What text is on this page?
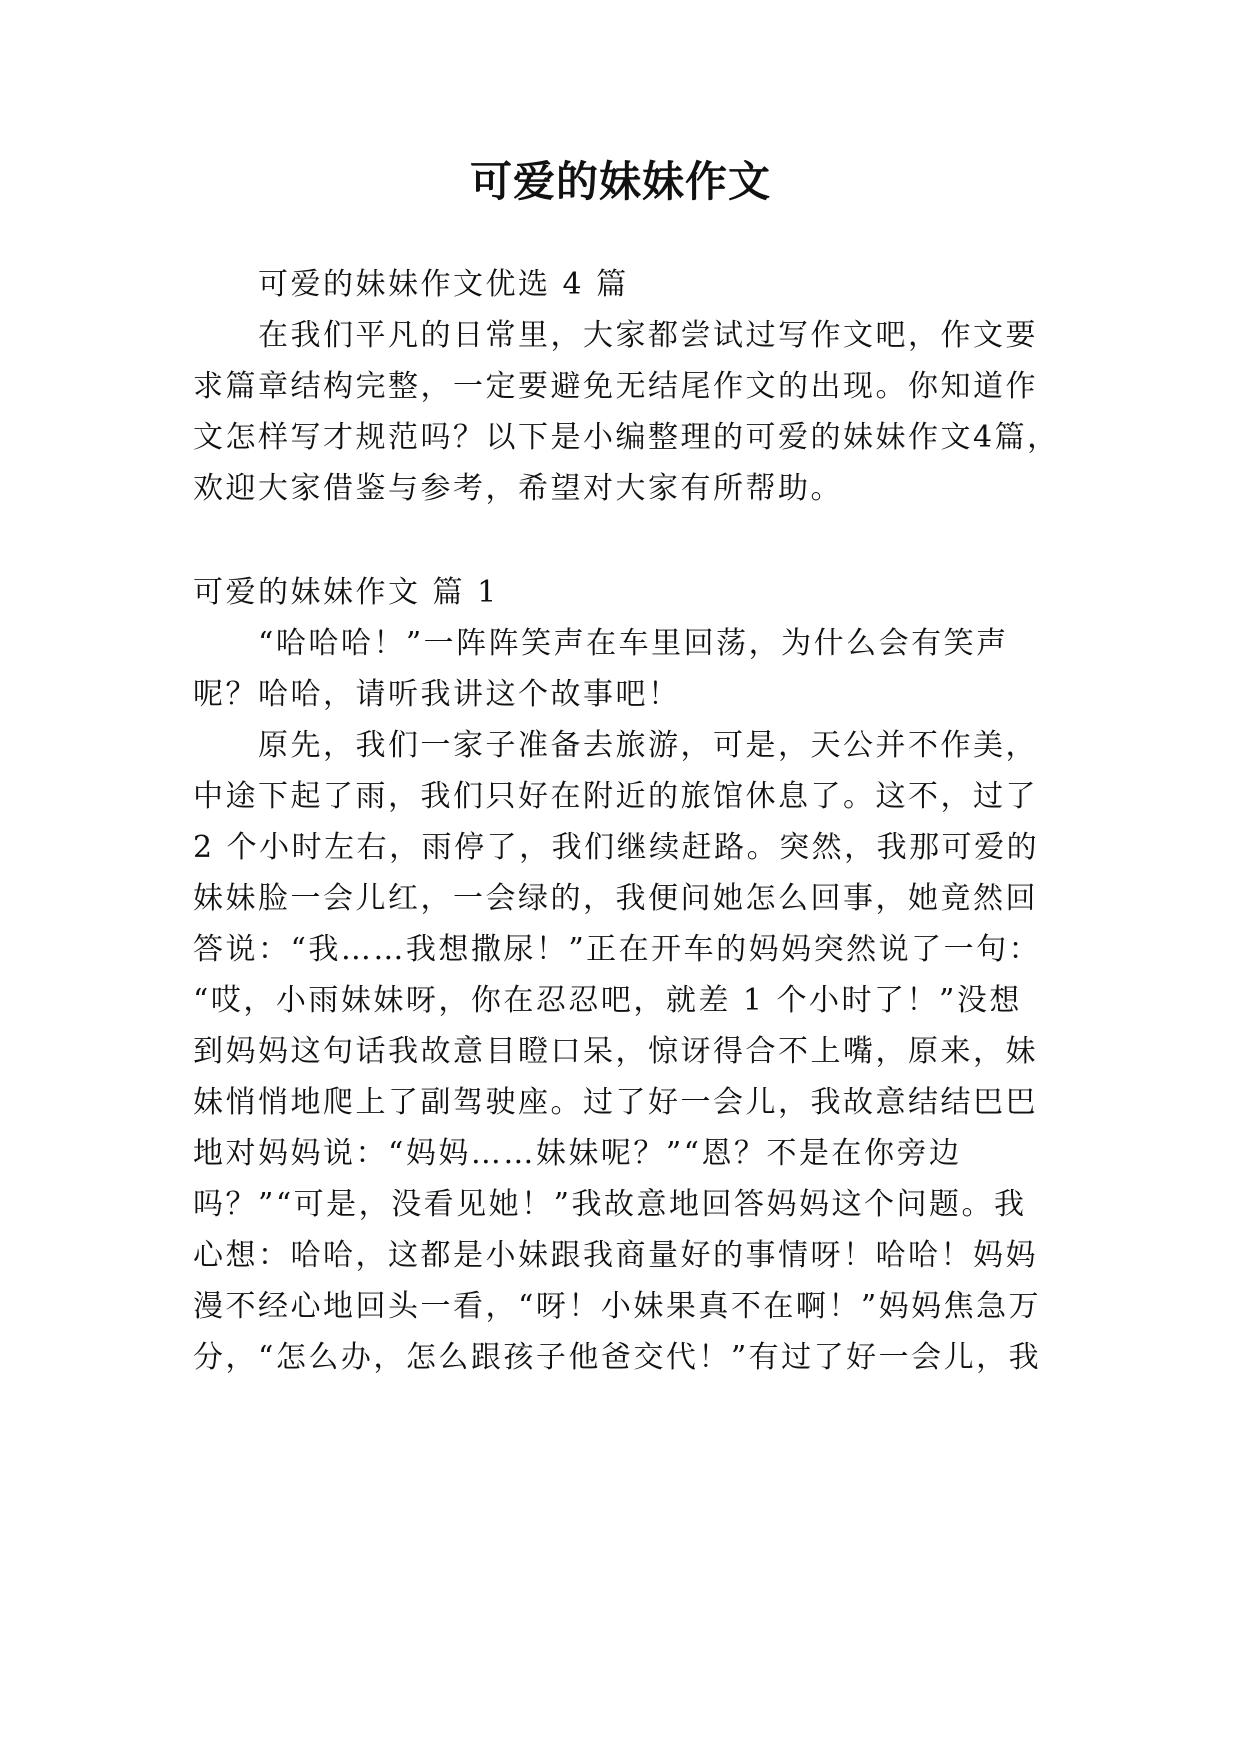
可爱的妹妹作文

可爱的妹妹作文优选 4 篇

在我们平凡的日常里，大家都尝试过写作文吧，作文要

求篇章结构完整，一定要避免无结尾作文的出现。你知道作

文怎样写才规范吗？以下是小编整理的可爱的妹妹作文4篇，

欢迎大家借鉴与参考，希望对大家有所帮助。

可爱的妹妹作文 篇 1

“哈哈哈！”一阵阵笑声在车里回荡，为什么会有笑声

呢？哈哈，请听我讲这个故事吧！

原先，我们一家子准备去旅游，可是，天公并不作美，

中途下起了雨，我们只好在附近的旅馆休息了。这不，过了

2 个小时左右，雨停了，我们继续赶路。突然，我那可爱的

妹妹脸一会儿红，一会绿的，我便问她怎么回事，她竟然回

答说：“我……我想撒尿！”正在开车的妈妈突然说了一句：

“哎，小雨妹妹呀，你在忍忍吧，就差 1 个小时了！”没想

到妈妈这句话我故意目瞪口呆，惊讶得合不上嘴，原来，妹

妹悄悄地爬上了副驾驶座。过了好一会儿，我故意结结巴巴

地对妈妈说：“妈妈……妹妹呢？”“恩？不是在你旁边

吗？”“可是，没看见她！”我故意地回答妈妈这个问题。我

心想：哈哈，这都是小妹跟我商量好的事情呀！哈哈！妈妈

漫不经心地回头一看，“呀！小妹果真不在啊！”妈妈焦急万

分，“怎么办，怎么跟孩子他爸交代！”有过了好一会儿，我
